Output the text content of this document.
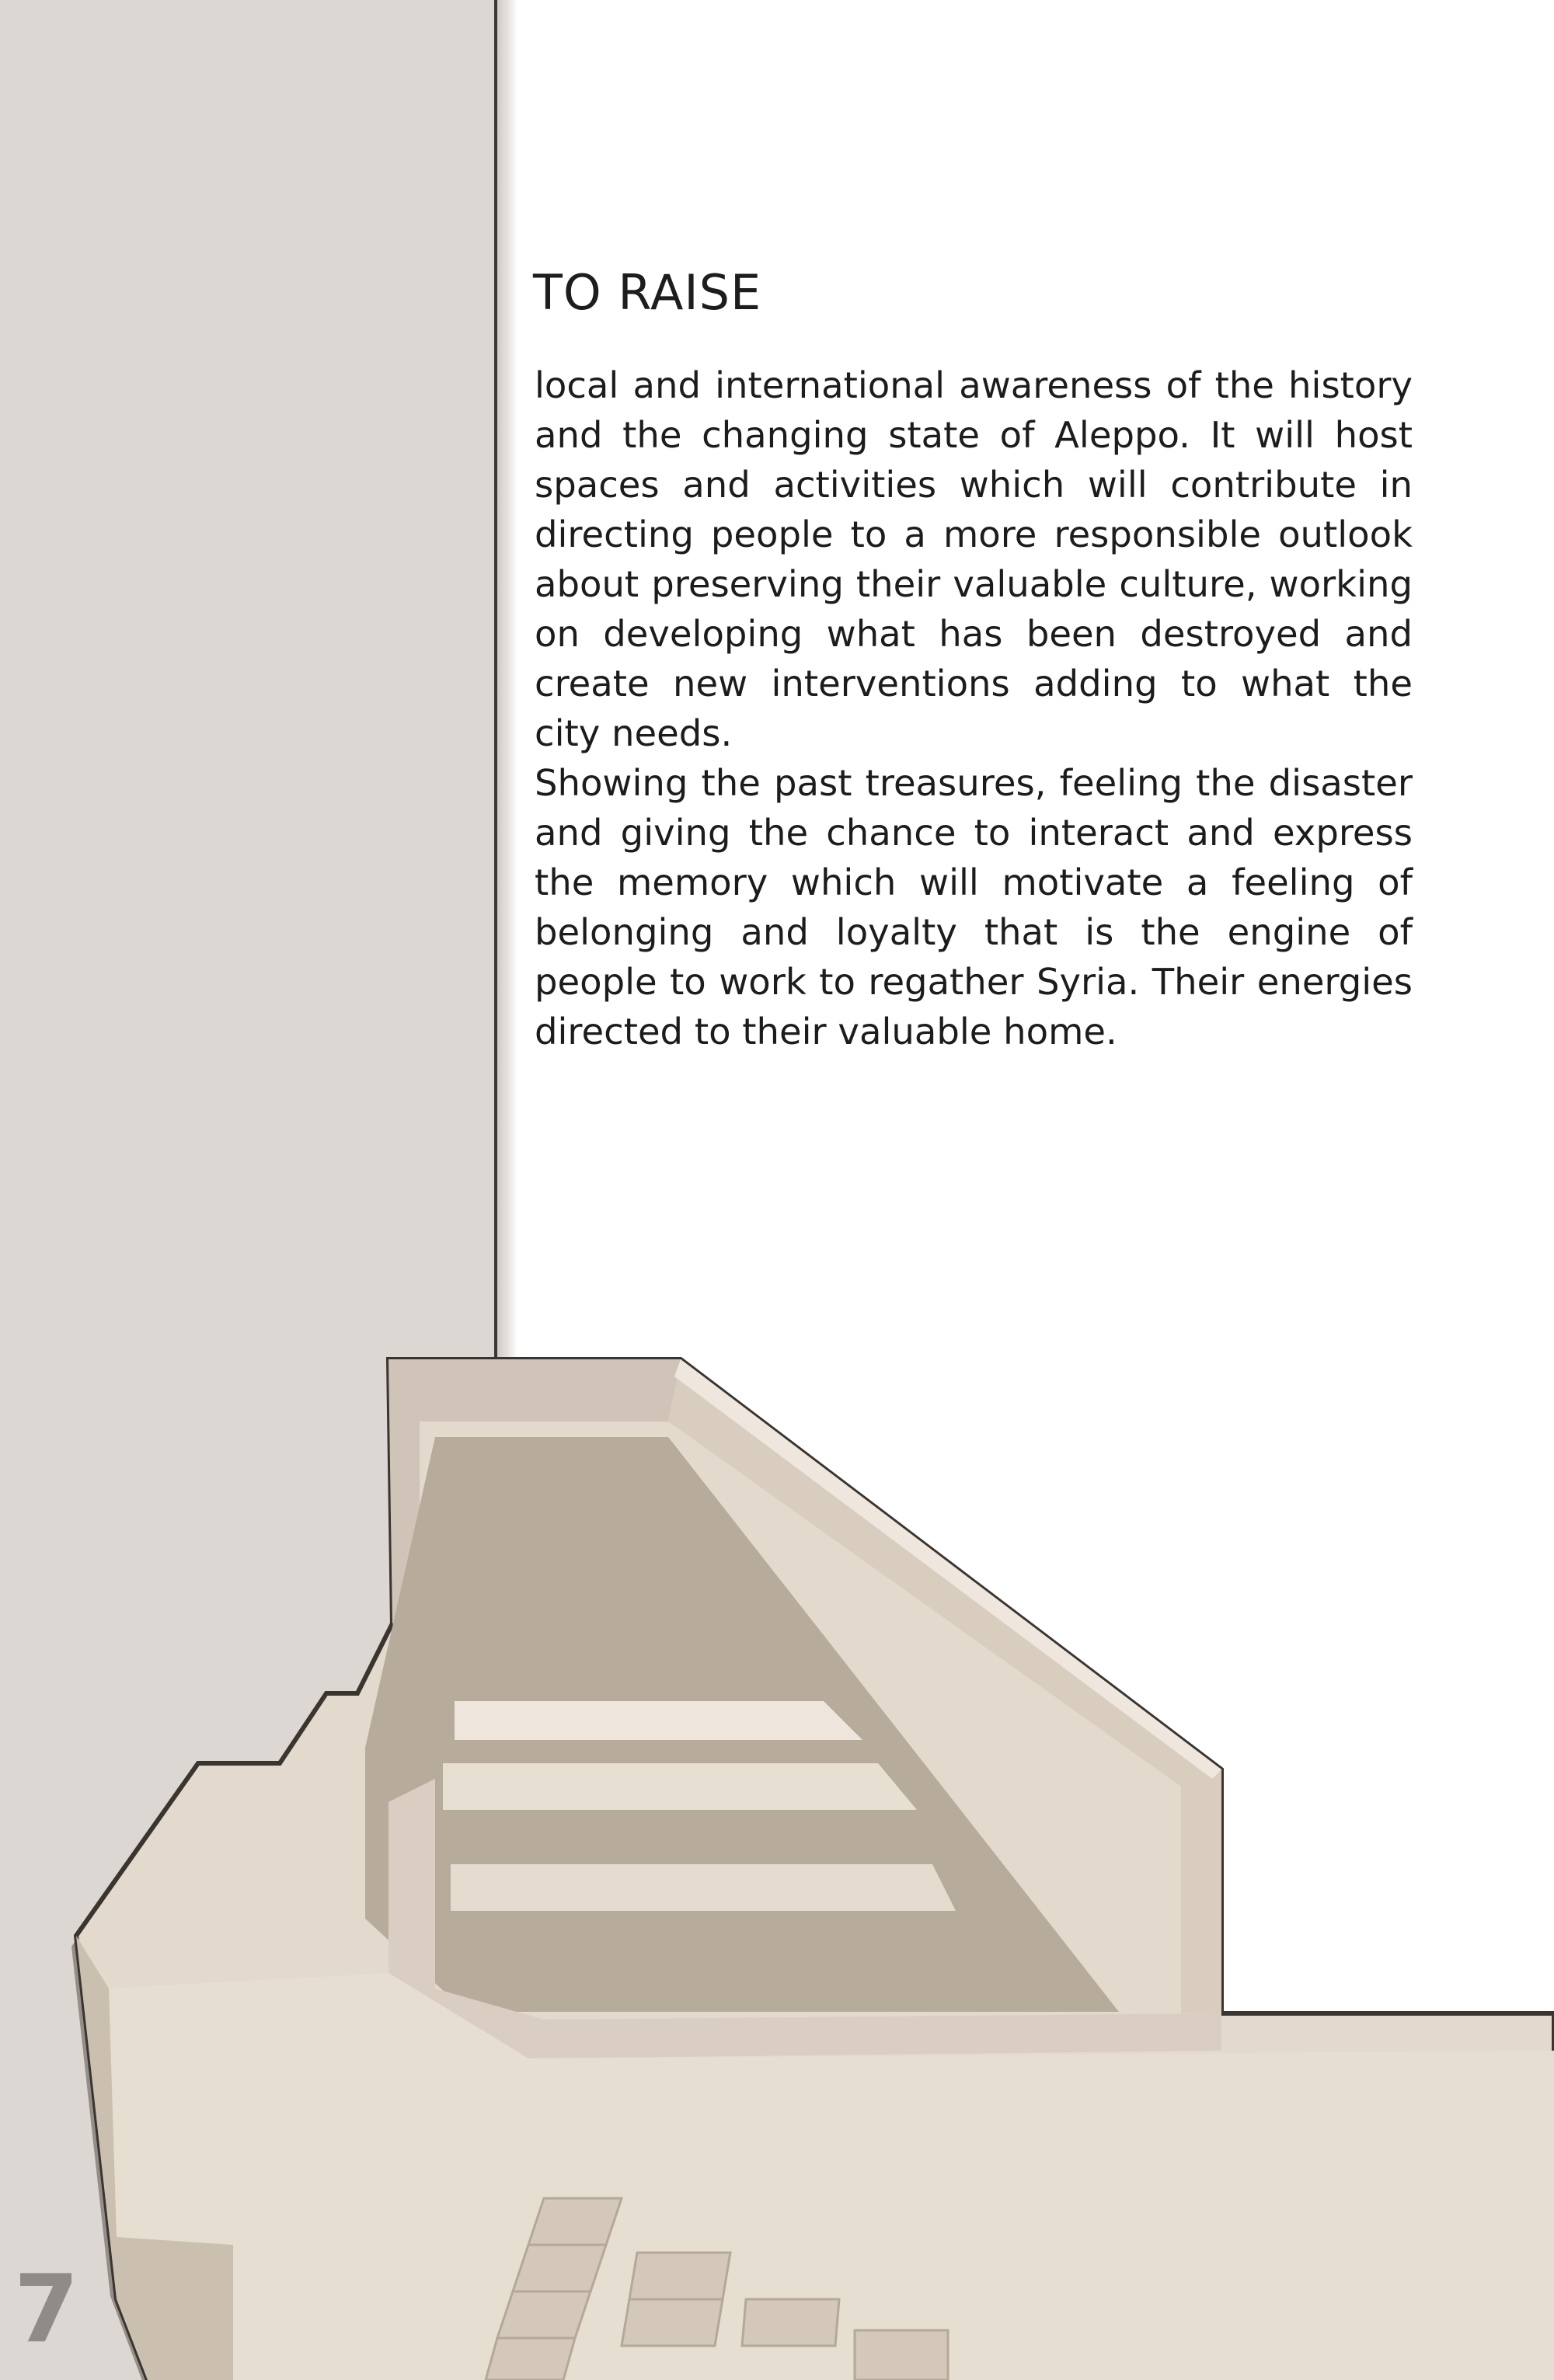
TO RAISE

local and international awareness of the history and the changing state of Aleppo. It will host spaces and activities which will contribute in directing people to a more responsible outlook about preserving their valuable culture, working on developing what has been destroyed and create new interventions adding to what the city needs.

Showing the past treasures, feeling the disaster and giving the chance to interact and express the memory which will motivate a feeling of belonging and loyalty that is the engine of people to work to regather Syria. Their energies directed to their valuable home.

7
